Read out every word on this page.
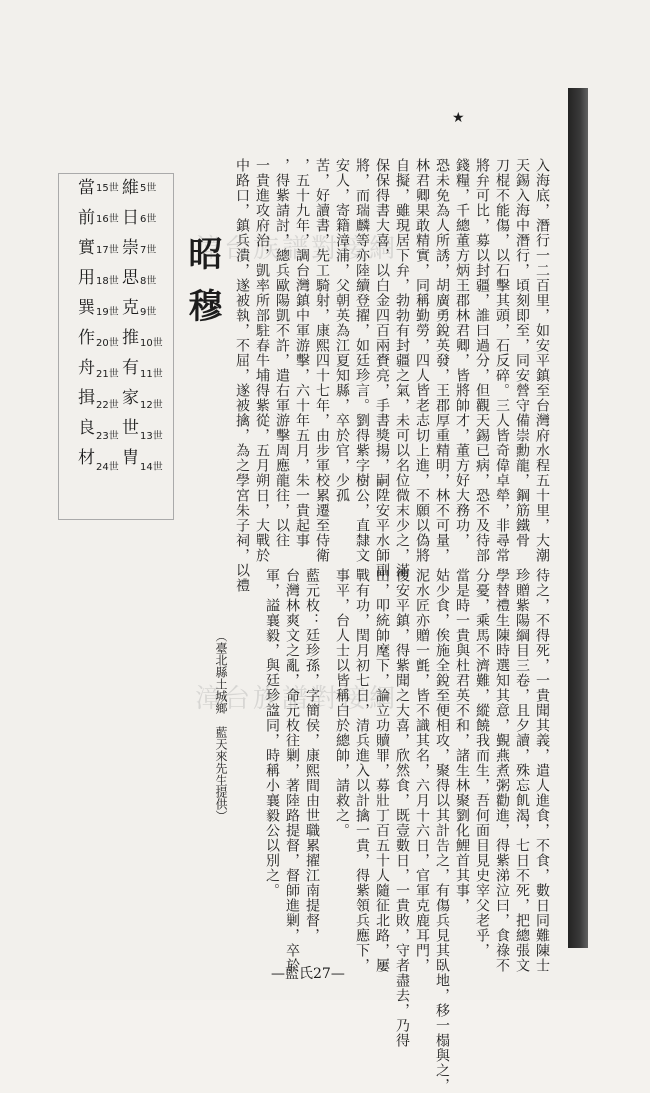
★
漳台族譜對接網
漳台族譜對接網
入海底，潛行一二百里，如安平鎮至台灣府水程五十里，大潮
天錫入海中潛行，頃刻即至，同安營守備崇勳龍，鋼筋鐵骨
刀棍不能傷，以石擊其頭，石反碎。三人皆奇偉卓犖，非尋常
將弁可比，募以封疆，誰曰過分，但觀天錫已病，恐不及待部
錢糧，千總董方炳王郡林君卿，皆將帥才，董方好大務功，
恐未免為人所誘，胡廣勇銳英發，王郡厚重精明，林不可量，
林君卿果敢精實，同稱勤勞，四人皆老志切上進，不願以偽將
自擬，雖現居下弁，勃勃有封疆之氣，未可以名位微末少之，滿
保保得書大喜，以白金四百兩賚亮，手書獎揚，嗣陞安平水師副
將，而瑞麟等亦陸續登擢，如廷珍言。劉得紫字樹公，直隸文
安人，寄籍漳浦，父朝英為江夏知縣，卒於官，少孤
苦，好讀書，先工騎射，康熙四十七年，由步軍校累遷至侍衛
，五十九年，調台灣鎮中軍游擊，六十年五月，朱一貴起事
，得紫請討，總兵歐陽凱不許，遣右軍游擊周應龍往，以往
一貴進攻府治，凱率所部駐春牛埔得紫從，五月朔日，大戰於
中路口，鎮兵潰，遂被執，不屈，遂被擒，為之學宮朱子祠，以禮
待之，不得死，一貴聞其義，遣人進食，不食，數日同難陳士
珍贈紫陽綱目三卷，且夕讀，殊忘飢渴，七日不死，把總張文
學替禮生陳時選知其意，覲燕煮粥勸進，得紫涕泣曰，食祿不
分憂，乘馬不濟難，縱饒我而生，吾何面目見史宰父老乎，
當是時一貴與杜君英不和，諸生林聚劉化鯉首其事，
姑少食，俟施全銳至便相攻，聚得以其計告之，有傷兵見其臥地，移一榻與之，
泥水匠亦贈一氈，皆不識其名，六月十六日，官軍克鹿耳門，
復安平鎮，得紫聞之大喜，欣然食，既壹數日，一貴敗，守者盡去，乃得
出，叩統帥麾下，論立功贖罪，募壯丁百五十人隨征北路，屢
戰有功，閏月初七日，清兵進入以計擒一貴，得紫領兵應下，
事平，台人士以皆稱白於總帥，請救之。
藍元枚：廷珍孫，字簡侯，康熙間由世職累擢江南提督，
台灣林爽文之亂，命元枚往剿，著陸路提督，督師進剿，卒於
軍，謚襄毅，與廷珍諡同，時稱小襄毅公以別之。
（臺北縣土城鄉　藍天來先生提供）
昭穆
5世
6世
7世
8世
9世
10世
11世
12世
13世
14世
15世
16世
17世
18世
19世
20世
21世
22世
23世
24世 維日崇思克推有家世胄
當前實用巽作舟揖良材
—藍氏27—
